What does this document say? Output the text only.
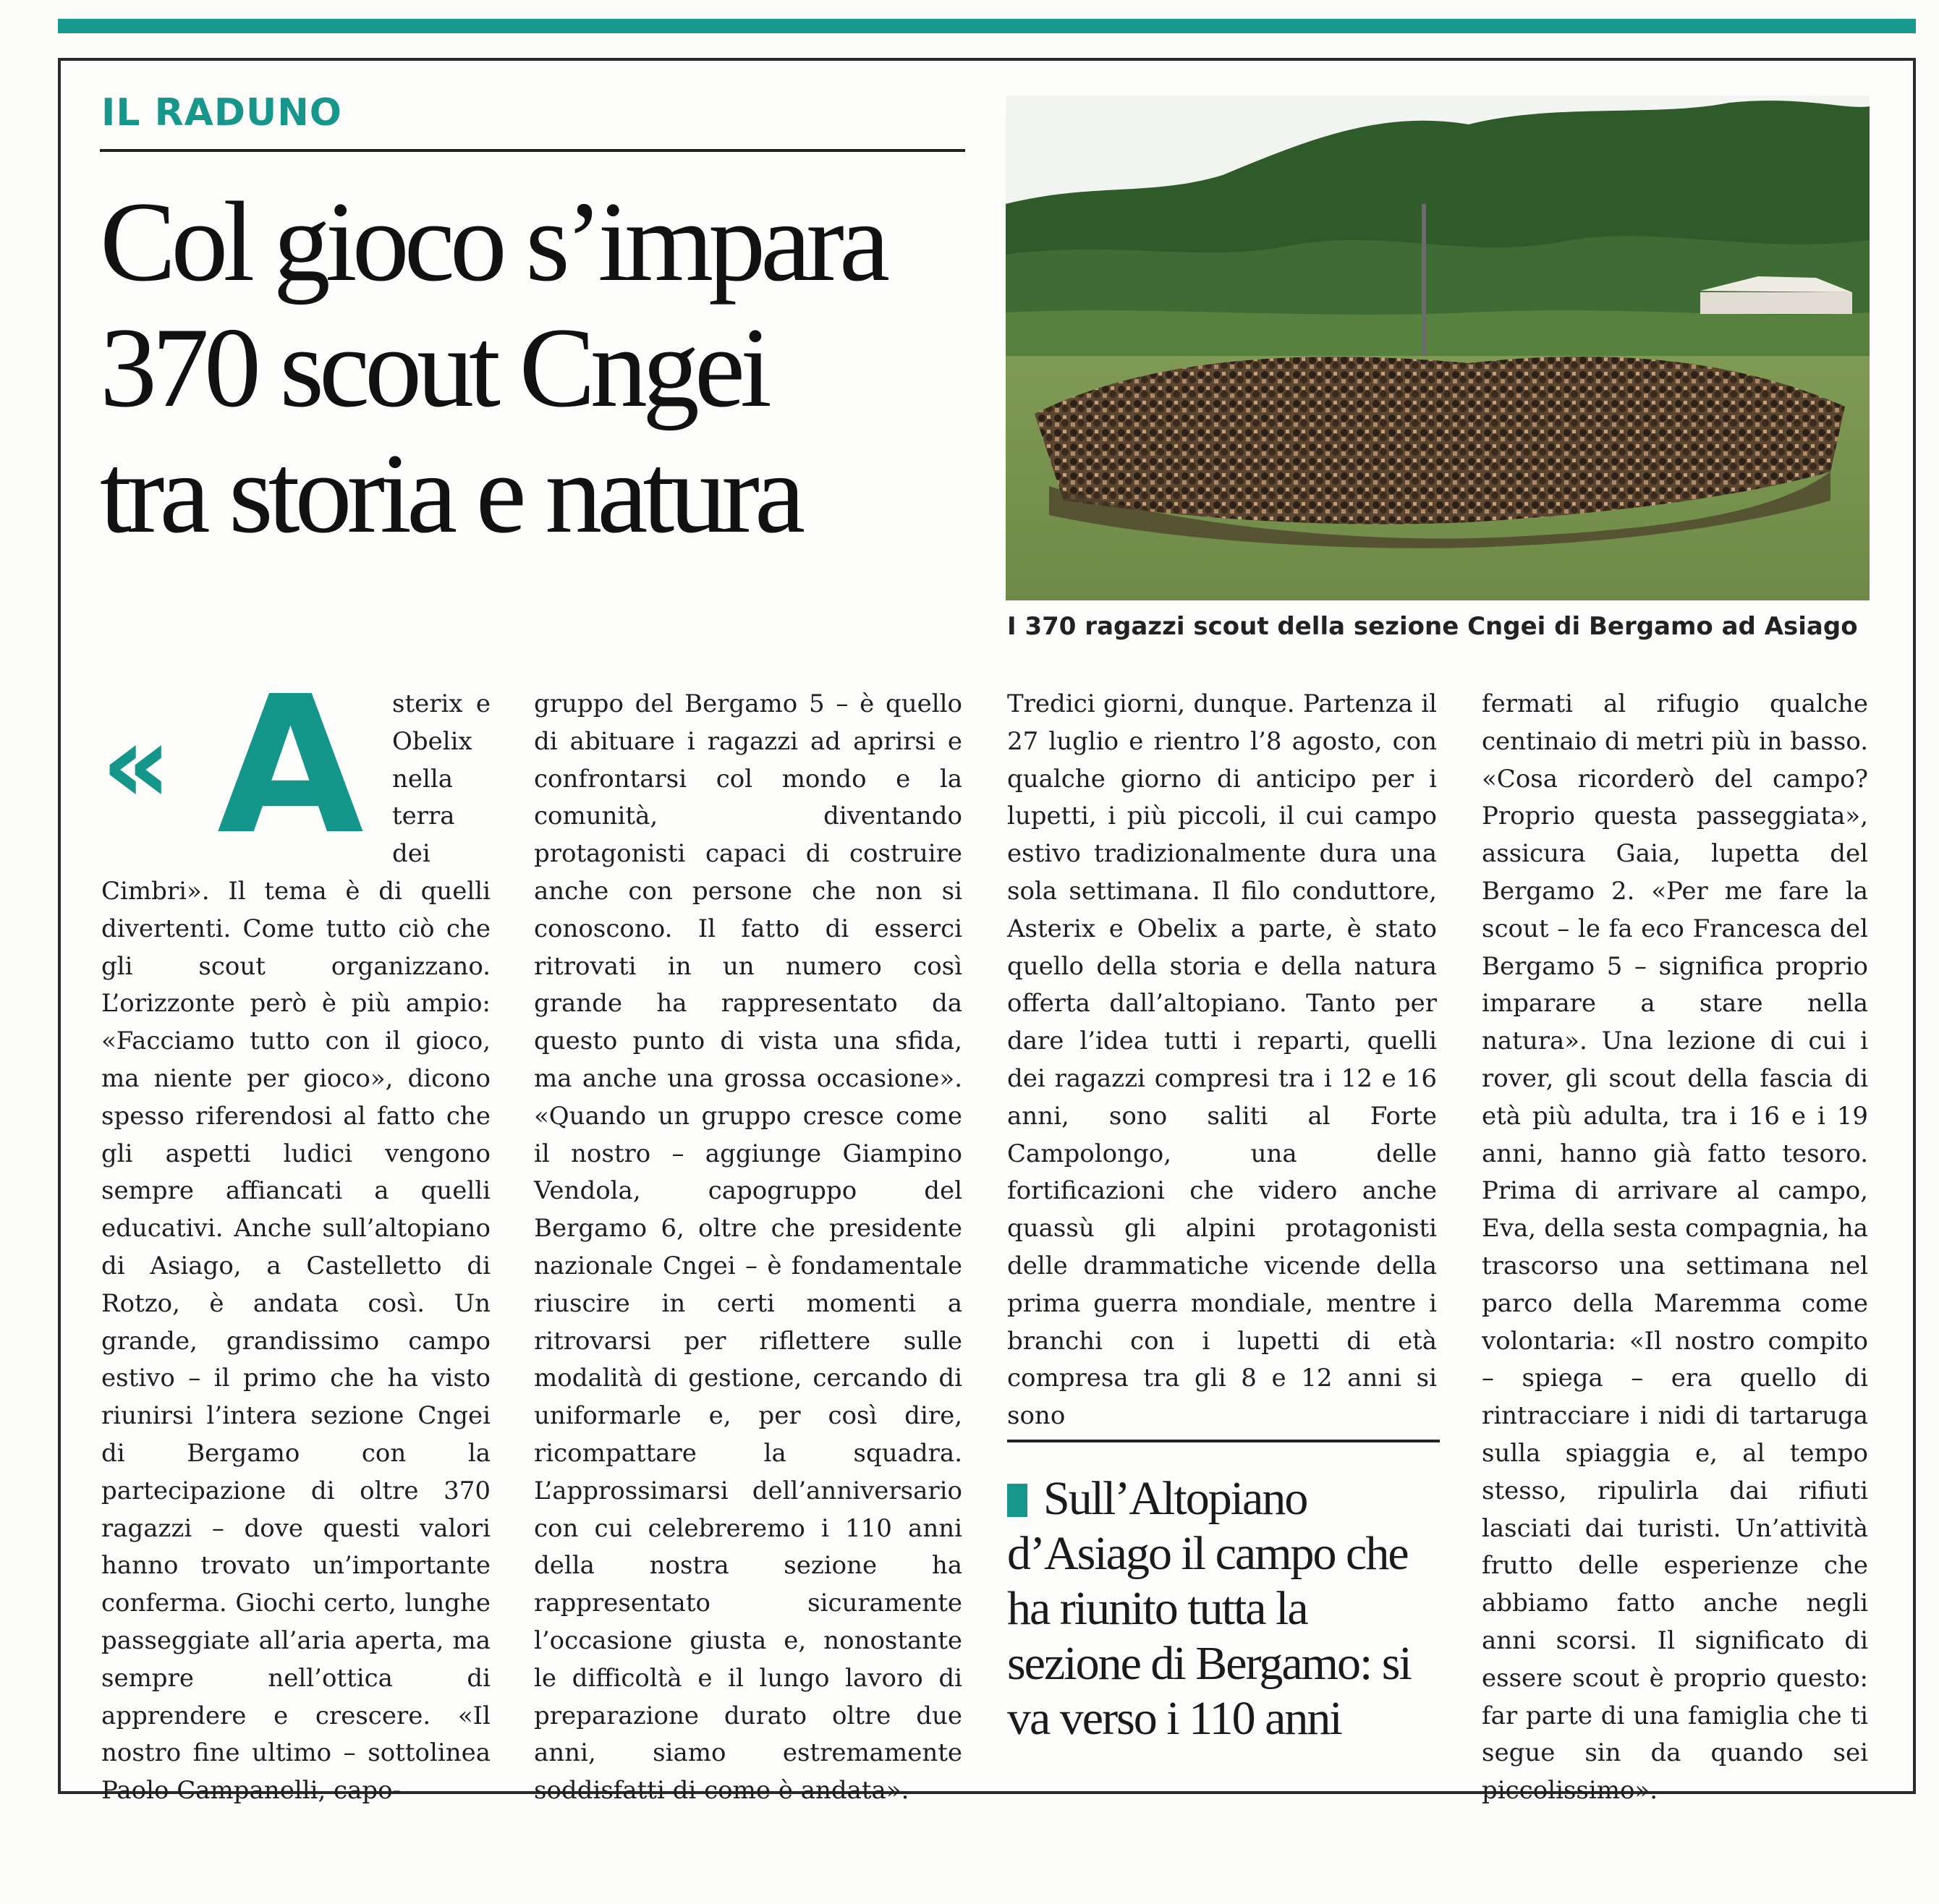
IL RADUNO
Col gioco s’impara
370 scout Cngei
tra storia e natura
I 370 ragazzi scout della sezione Cngei di Bergamo ad Asiago
« A sterix e Obelix nella terra dei Cimbri». Il tema è di quelli divertenti. Come tutto ciò che gli scout organizzano. L’orizzonte però è più ampio: «Facciamo tutto con il gioco, ma niente per gioco», dicono spesso riferendosi al fatto che gli aspetti ludici vengono sempre affiancati a quelli educativi. Anche sull’altopiano di Asiago, a Castelletto di Rotzo, è andata così. Un grande, grandissimo campo estivo – il primo che ha visto riunirsi l’intera sezione Cngei di Bergamo con la partecipazione di oltre 370 ragazzi – dove questi valori hanno trovato un’importante conferma. Giochi certo, lunghe passeggiate all’aria aperta, ma sempre nell’ottica di apprendere e crescere. «Il nostro fine ultimo – sottolinea Paolo Campanelli, capo-
gruppo del Bergamo 5 – è quello di abituare i ragazzi ad aprirsi e confrontarsi col mondo e la comunità, diventando protagonisti capaci di costruire anche con persone che non si conoscono. Il fatto di esserci ritrovati in un numero così grande ha rappresentato da questo punto di vista una sfida, ma anche una grossa occasione». «Quando un gruppo cresce come il nostro – aggiunge Giampino Vendola, capogruppo del Bergamo 6, oltre che presidente nazionale Cngei – è fondamentale riuscire in certi momenti a ritrovarsi per riflettere sulle modalità di gestione, cercando di uniformarle e, per così dire, ricompattare la squadra. L’approssimarsi dell’anniversario con cui celebreremo i 110 anni della nostra sezione ha rappresentato sicuramente l’occasione giusta e, nonostante le difficoltà e il lungo lavoro di preparazione durato oltre due anni, siamo estremamente soddisfatti di come è andata».
Tredici giorni, dunque. Partenza il 27 luglio e rientro l’8 agosto, con qualche giorno di anticipo per i lupetti, i più piccoli, il cui campo estivo tradizionalmente dura una sola settimana. Il filo conduttore, Asterix e Obelix a parte, è stato quello della storia e della natura offerta dall’altopiano. Tanto per dare l’idea tutti i reparti, quelli dei ragazzi compresi tra i 12 e 16 anni, sono saliti al Forte Campolongo, una delle fortificazioni che videro anche quassù gli alpini protagonisti delle drammatiche vicende della prima guerra mondiale, mentre i branchi con i lupetti di età compresa tra gli 8 e 12 anni si sono

Sull’Altopiano d’Asiago il campo che ha riunito tutta la sezione di Bergamo: si va verso i 110 anni

fermati al rifugio qualche centinaio di metri più in basso. «Cosa ricorderò del campo? Proprio questa passeggiata», assicura Gaia, lupetta del Bergamo 2. «Per me fare la scout – le fa eco Francesca del Bergamo 5 – significa proprio imparare a stare nella natura». Una lezione di cui i rover, gli scout della fascia di età più adulta, tra i 16 e i 19 anni, hanno già fatto tesoro. Prima di arrivare al campo, Eva, della sesta compagnia, ha trascorso una settimana nel parco della Maremma come volontaria: «Il nostro compito – spiega – era quello di rintracciare i nidi di tartaruga sulla spiaggia e, al tempo stesso, ripulirla dai rifiuti lasciati dai turisti. Un’attività frutto delle esperienze che abbiamo fatto anche negli anni scorsi. Il significato di essere scout è proprio questo: far parte di una famiglia che ti segue sin da quando sei piccolissimo».
